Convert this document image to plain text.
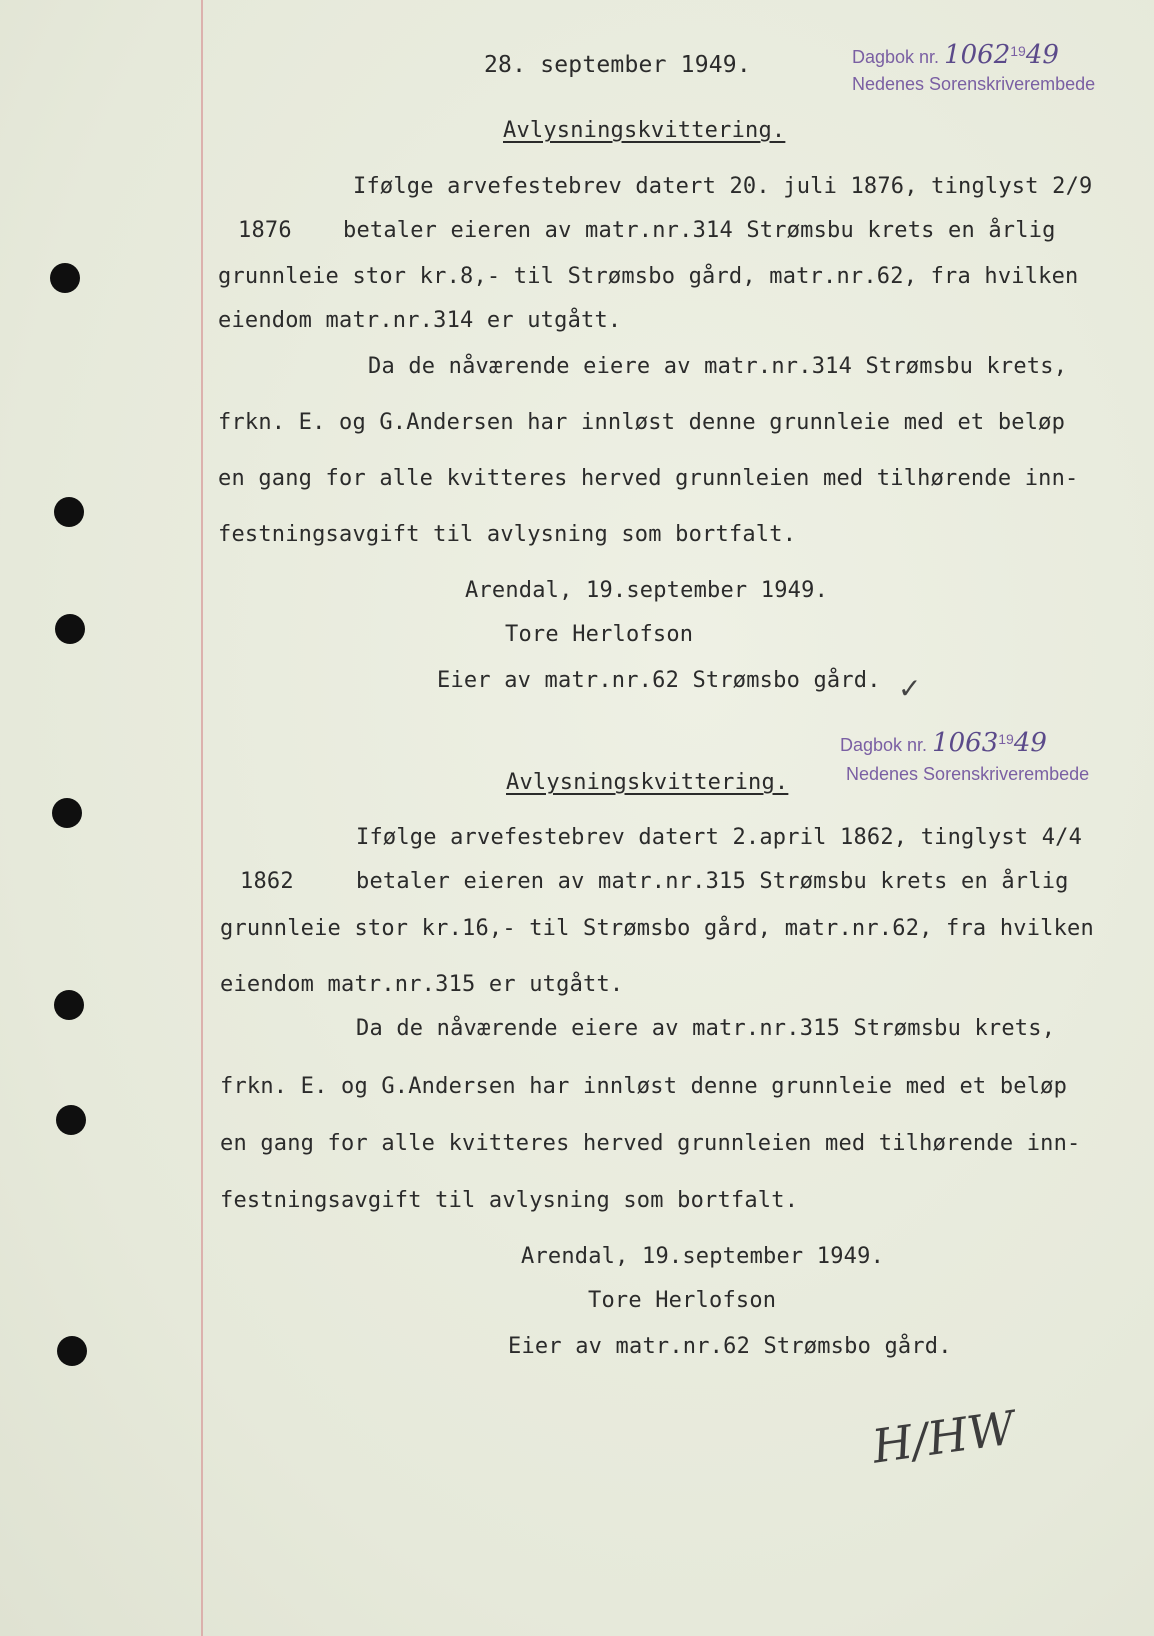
28. september 1949.	Dagbok nr. 1062$^{19}$49
Nedenes Sorenskriverembede
Avlysningskvittering.
Ifølge arvefestebrev datert 20. juli 1876, tinglyst 2/9
1876 betaler eieren av matr.nr.314 Strømsbu krets en årlig
grunnleie stor kr.8,- til Strømsbo gård, matr.nr.62, fra hvilken
eiendom matr.nr.314 er utgått.
Da de nåværende eiere av matr.nr.314 Strømsbu krets,
frkn. E. og G.Andersen har innløst denne grunnleie med et beløp
en gang for alle kvitteres herved grunnleien med tilhørende inn-
festningsavgift til avlysning som bortfalt.
Arendal, 19.september 1949.
Tore Herlofson
Eier av matr.nr.62 Strømsbo gård. ✓
Dagbok nr. 1063$^{19}$49
Nedenes Sorenskriverembede
Avlysningskvittering.
Ifølge arvefestebrev datert 2.april 1862, tinglyst 4/4
1862	betaler eieren av matr.nr.315 Strømsbu krets en årlig
grunnleie stor kr.16,- til Strømsbo gård, matr.nr.62, fra hvilken
eiendom matr.nr.315 er utgått.
Da de nåværende eiere av matr.nr.315 Strømsbu krets,
frkn. E. og G.Andersen har innløst denne grunnleie med et beløp
en gang for alle kvitteres herved grunnleien med tilhørende inn-
festningsavgift til avlysning som bortfalt.
Arendal, 19.september 1949.
Tore Herlofson
Eier av matr.nr.62 Strømsbo gård.
H/HW
